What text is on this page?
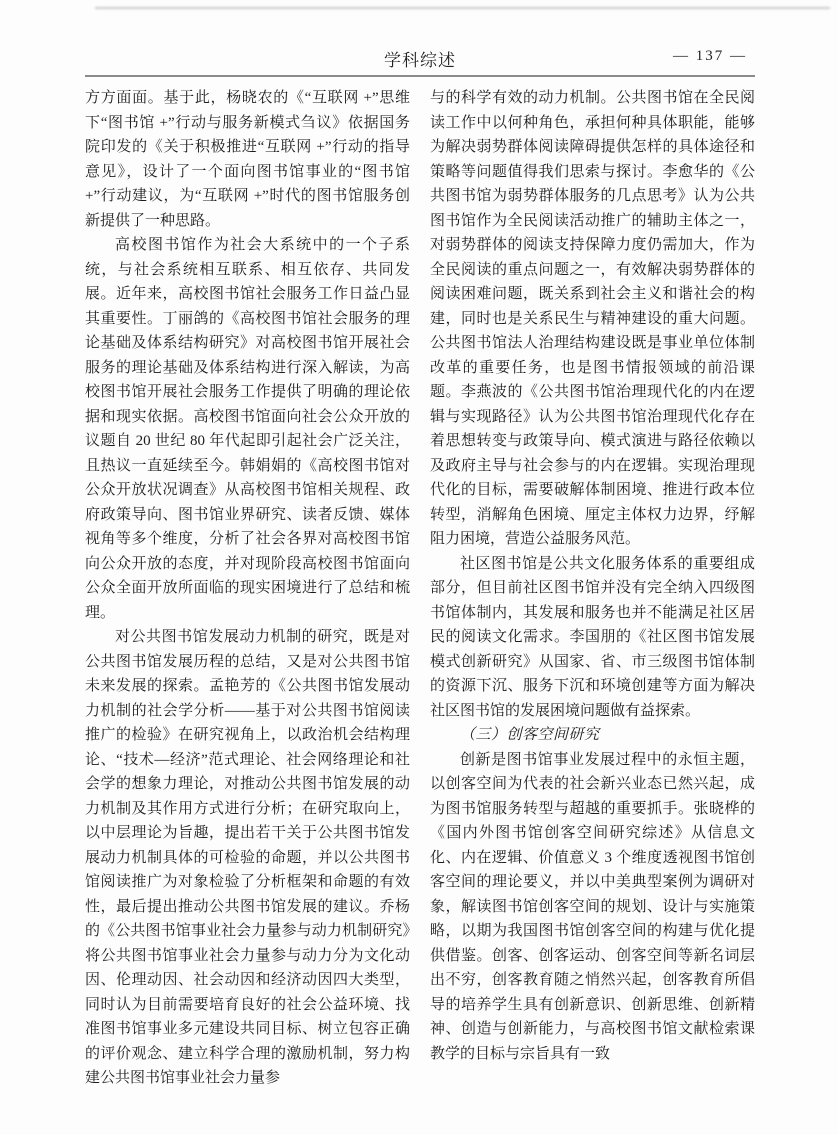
学科综述	— 137 —

方方面面。基于此，杨晓农的《“互联网 +”思维下“图书馆 +”行动与服务新模式刍议》依据国务院印发的《关于积极推进“互联网 +”行动的指导意见》，设计了一个面向图书馆事业的“图书馆 +”行动建议，为“互联网 +”时代的图书馆服务创新提供了一种思路。

高校图书馆作为社会大系统中的一个子系统，与社会系统相互联系、相互依存、共同发展。近年来，高校图书馆社会服务工作日益凸显其重要性。丁丽鸽的《高校图书馆社会服务的理论基础及体系结构研究》对高校图书馆开展社会服务的理论基础及体系结构进行深入解读，为高校图书馆开展社会服务工作提供了明确的理论依据和现实依据。高校图书馆面向社会公众开放的议题自 20 世纪 80 年代起即引起社会广泛关注，且热议一直延续至今。韩娟娟的《高校图书馆对公众开放状况调查》从高校图书馆相关规程、政府政策导向、图书馆业界研究、读者反馈、媒体视角等多个维度，分析了社会各界对高校图书馆向公众开放的态度，并对现阶段高校图书馆面向公众全面开放所面临的现实困境进行了总结和梳理。

对公共图书馆发展动力机制的研究，既是对公共图书馆发展历程的总结，又是对公共图书馆未来发展的探索。孟艳芳的《公共图书馆发展动力机制的社会学分析——基于对公共图书馆阅读推广的检验》在研究视角上，以政治机会结构理论、“技术—经济”范式理论、社会网络理论和社会学的想象力理论，对推动公共图书馆发展的动力机制及其作用方式进行分析；在研究取向上，以中层理论为旨趣，提出若干关于公共图书馆发展动力机制具体的可检验的命题，并以公共图书馆阅读推广为对象检验了分析框架和命题的有效性，最后提出推动公共图书馆发展的建议。乔杨的《公共图书馆事业社会力量参与动力机制研究》将公共图书馆事业社会力量参与动力分为文化动因、伦理动因、社会动因和经济动因四大类型，同时认为目前需要培育良好的社会公益环境、找准图书馆事业多元建设共同目标、树立包容正确的评价观念、建立科学合理的激励机制，努力构建公共图书馆事业社会力量参

与的科学有效的动力机制。公共图书馆在全民阅读工作中以何种角色，承担何种具体职能，能够为解决弱势群体阅读障碍提供怎样的具体途径和策略等问题值得我们思索与探讨。李愈华的《公共图书馆为弱势群体服务的几点思考》认为公共图书馆作为全民阅读活动推广的辅助主体之一，对弱势群体的阅读支持保障力度仍需加大，作为全民阅读的重点问题之一，有效解决弱势群体的阅读困难问题，既关系到社会主义和谐社会的构建，同时也是关系民生与精神建设的重大问题。公共图书馆法人治理结构建设既是事业单位体制改革的重要任务，也是图书情报领域的前沿课题。李燕波的《公共图书馆治理现代化的内在逻辑与实现路径》认为公共图书馆治理现代化存在着思想转变与政策导向、模式演进与路径依赖以及政府主导与社会参与的内在逻辑。实现治理现代化的目标，需要破解体制困境、推进行政本位转型，消解角色困境、厘定主体权力边界，纾解阻力困境，营造公益服务风范。

社区图书馆是公共文化服务体系的重要组成部分，但目前社区图书馆并没有完全纳入四级图书馆体制内，其发展和服务也并不能满足社区居民的阅读文化需求。李国朋的《社区图书馆发展模式创新研究》从国家、省、市三级图书馆体制的资源下沉、服务下沉和环境创建等方面为解决社区图书馆的发展困境问题做有益探索。

（三）创客空间研究

创新是图书馆事业发展过程中的永恒主题，以创客空间为代表的社会新兴业态已然兴起，成为图书馆服务转型与超越的重要抓手。张晓桦的《国内外图书馆创客空间研究综述》从信息文化、内在逻辑、价值意义 3 个维度透视图书馆创客空间的理论要义，并以中美典型案例为调研对象，解读图书馆创客空间的规划、设计与实施策略，以期为我国图书馆创客空间的构建与优化提供借鉴。创客、创客运动、创客空间等新名词层出不穷，创客教育随之悄然兴起，创客教育所倡导的培养学生具有创新意识、创新思维、创新精神、创造与创新能力，与高校图书馆文献检索课教学的目标与宗旨具有一致
